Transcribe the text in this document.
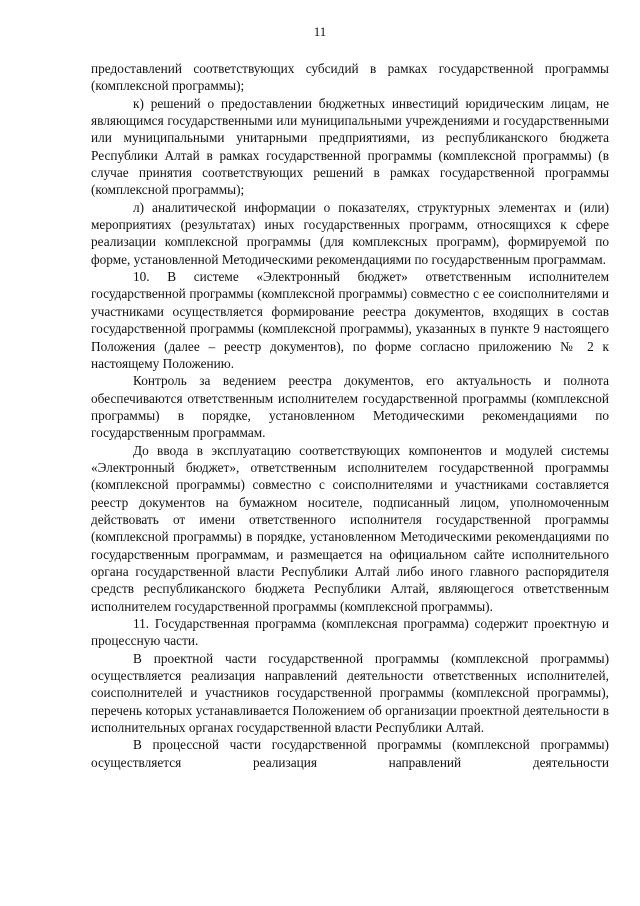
11

предоставлений соответствующих субсидий в рамках государственной программы (комплексной программы);

к) решений о предоставлении бюджетных инвестиций юридическим лицам, не являющимся государственными или муниципальными учреждениями и государственными или муниципальными унитарными предприятиями, из республиканского бюджета Республики Алтай в рамках государственной программы (комплексной программы) (в случае принятия соответствующих решений в рамках государственной программы (комплексной программы);

л) аналитической информации о показателях, структурных элементах и (или) мероприятиях (результатах) иных государственных программ, относящихся к сфере реализации комплексной программы (для комплексных программ), формируемой по форме, установленной Методическими рекомендациями по государственным программам.

10. В системе «Электронный бюджет» ответственным исполнителем государственной программы (комплексной программы) совместно с ее соисполнителями и участниками осуществляется формирование реестра документов, входящих в состав государственной программы (комплексной программы), указанных в пункте 9 настоящего Положения (далее – реестр документов), по форме согласно приложению № 2 к настоящему Положению.

Контроль за ведением реестра документов, его актуальность и полнота обеспечиваются ответственным исполнителем государственной программы (комплексной программы) в порядке, установленном Методическими рекомендациями по государственным программам.

До ввода в эксплуатацию соответствующих компонентов и модулей системы «Электронный бюджет», ответственным исполнителем государственной программы (комплексной программы) совместно с соисполнителями и участниками составляется реестр документов на бумажном носителе, подписанный лицом, уполномоченным действовать от имени ответственного исполнителя государственной программы (комплексной программы) в порядке, установленном Методическими рекомендациями по государственным программам, и размещается на официальном сайте исполнительного органа государственной власти Республики Алтай либо иного главного распорядителя средств республиканского бюджета Республики Алтай, являющегося ответственным исполнителем государственной программы (комплексной программы).

11. Государственная программа (комплексная программа) содержит проектную и процессную части.

В проектной части государственной программы (комплексной программы) осуществляется реализация направлений деятельности ответственных исполнителей, соисполнителей и участников государственной программы (комплексной программы), перечень которых устанавливается Положением об организации проектной деятельности в исполнительных органах государственной власти Республики Алтай.

В процессной части государственной программы (комплексной программы) осуществляется реализация направлений деятельности
